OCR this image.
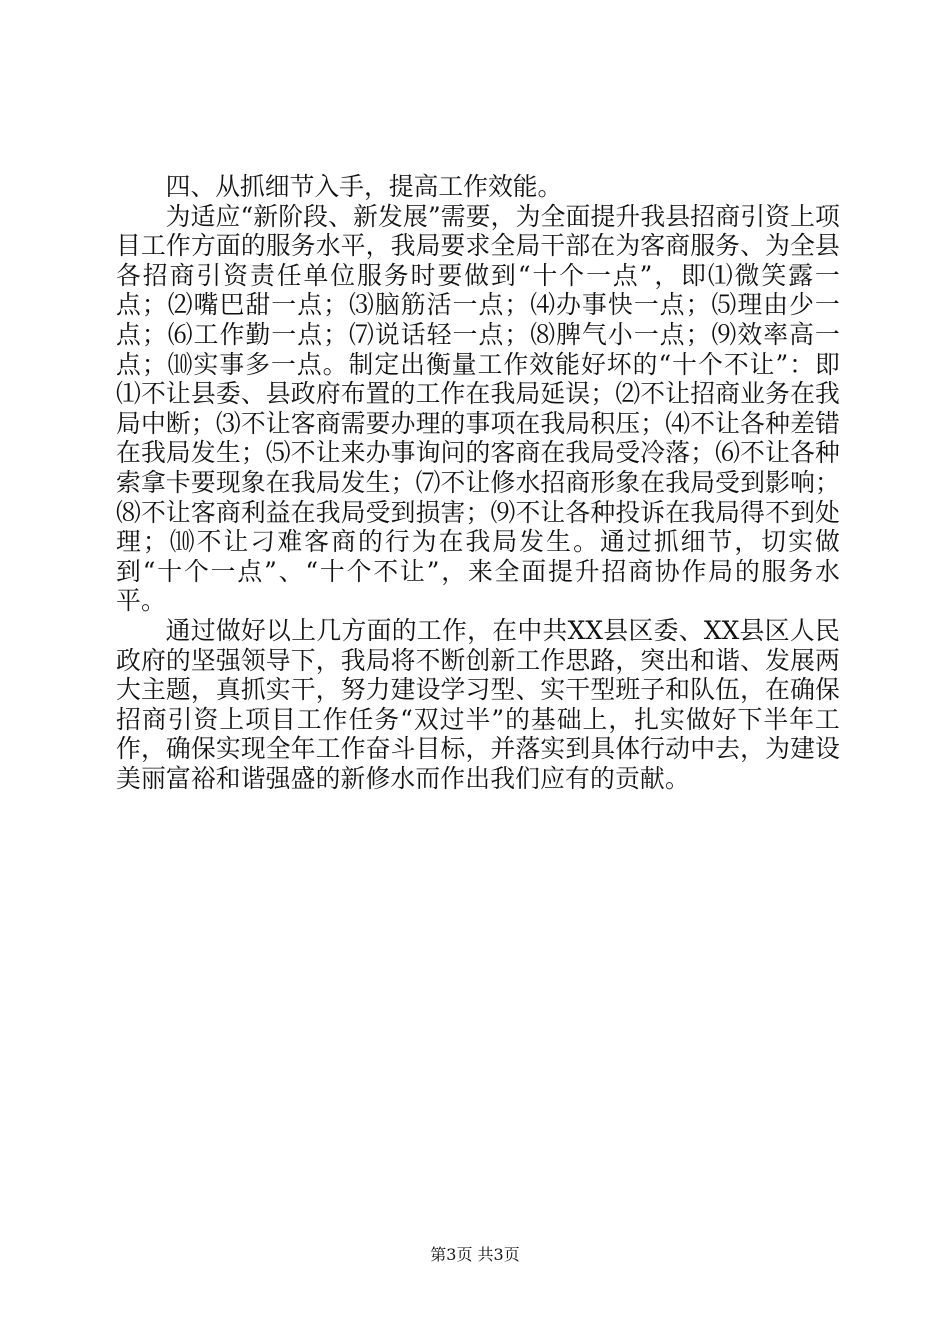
四、从抓细节入手，提高工作效能。

为适应“新阶段、新发展”需要，为全面提升我县招商引资上项目工作方面的服务水平，我局要求全局干部在为客商服务、为全县各招商引资责任单位服务时要做到“十个一点”，即⑴微笑露一点；⑵嘴巴甜一点；⑶脑筋活一点；⑷办事快一点；⑸理由少一点；⑹工作勤一点；⑺说话轻一点；⑻脾气小一点；⑼效率高一点；⑽实事多一点。制定出衡量工作效能好坏的“十个不让”：即⑴不让县委、县政府布置的工作在我局延误；⑵不让招商业务在我局中断；⑶不让客商需要办理的事项在我局积压；⑷不让各种差错在我局发生；⑸不让来办事询问的客商在我局受冷落；⑹不让各种索拿卡要现象在我局发生；⑺不让修水招商形象在我局受到影响；⑻不让客商利益在我局受到损害；⑼不让各种投诉在我局得不到处理；⑽不让刁难客商的行为在我局发生。通过抓细节，切实做到“十个一点”、“十个不让”，来全面提升招商协作局的服务水平。

通过做好以上几方面的工作，在中共XX县区委、XX县区人民政府的坚强领导下，我局将不断创新工作思路，突出和谐、发展两大主题，真抓实干，努力建设学习型、实干型班子和队伍，在确保招商引资上项目工作任务“双过半”的基础上，扎实做好下半年工作，确保实现全年工作奋斗目标，并落实到具体行动中去，为建设美丽富裕和谐强盛的新修水而作出我们应有的贡献。

第3页 共3页
